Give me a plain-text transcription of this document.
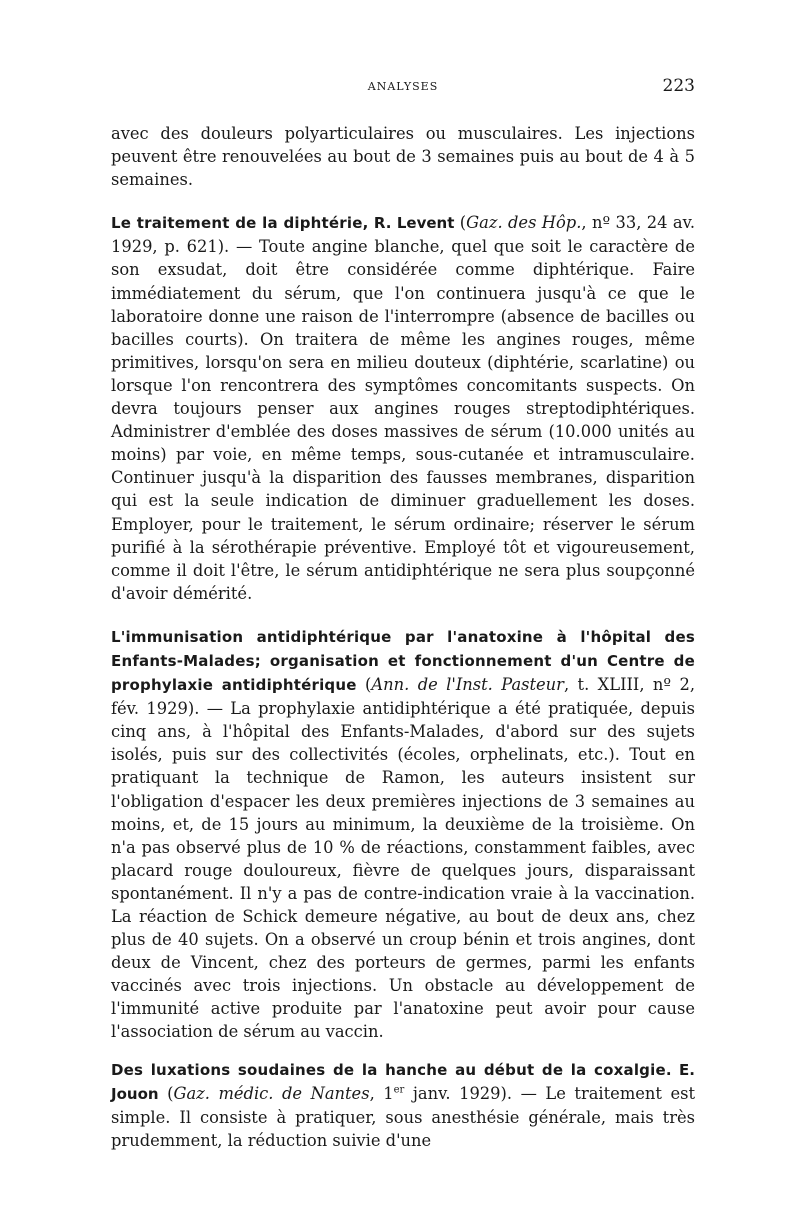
ANALYSES	223

avec des douleurs polyarticulaires ou musculaires. Les injections peuvent être renouvelées au bout de 3 semaines puis au bout de 4 à 5 semaines.

Le traitement de la diphtérie, R. Levent (Gaz. des Hôp., nº 33, 24 av. 1929, p. 621). — Toute angine blanche, quel que soit le caractère de son exsudat, doit être considérée comme diphtérique. Faire immédiatement du sérum, que l'on continuera jusqu'à ce que le laboratoire donne une raison de l'interrompre (absence de bacilles ou bacilles courts). On traitera de même les angines rouges, même primitives, lorsqu'on sera en milieu douteux (diphtérie, scarlatine) ou lorsque l'on rencontrera des symptômes concomitants suspects. On devra toujours penser aux angines rouges streptodiphtériques. Administrer d'emblée des doses massives de sérum (10.000 unités au moins) par voie, en même temps, sous-cutanée et intramusculaire. Continuer jusqu'à la disparition des fausses membranes, disparition qui est la seule indication de diminuer graduellement les doses. Employer, pour le traitement, le sérum ordinaire; réserver le sérum purifié à la sérothérapie préventive. Employé tôt et vigoureusement, comme il doit l'être, le sérum antidiphtérique ne sera plus soupçonné d'avoir démérité.

L'immunisation antidiphtérique par l'anatoxine à l'hôpital des Enfants-Malades; organisation et fonctionnement d'un Centre de prophylaxie antidiphtérique (Ann. de l'Inst. Pasteur, t. XLIII, nº 2, fév. 1929). — La prophylaxie antidiphtérique a été pratiquée, depuis cinq ans, à l'hôpital des Enfants-Malades, d'abord sur des sujets isolés, puis sur des collectivités (écoles, orphelinats, etc.). Tout en pratiquant la technique de Ramon, les auteurs insistent sur l'obligation d'espacer les deux premières injections de 3 semaines au moins, et, de 15 jours au minimum, la deuxième de la troisième. On n'a pas observé plus de 10 % de réactions, constamment faibles, avec placard rouge douloureux, fièvre de quelques jours, disparaissant spontanément. Il n'y a pas de contre-indication vraie à la vaccination. La réaction de Schick demeure négative, au bout de deux ans, chez plus de 40 sujets. On a observé un croup bénin et trois angines, dont deux de Vincent, chez des porteurs de germes, parmi les enfants vaccinés avec trois injections. Un obstacle au développement de l'immunité active produite par l'anatoxine peut avoir pour cause l'association de sérum au vaccin.

Des luxations soudaines de la hanche au début de la coxalgie. E. Jouon (Gaz. médic. de Nantes, 1er janv. 1929). — Le traitement est simple. Il consiste à pratiquer, sous anesthésie générale, mais très prudemment, la réduction suivie d'une
